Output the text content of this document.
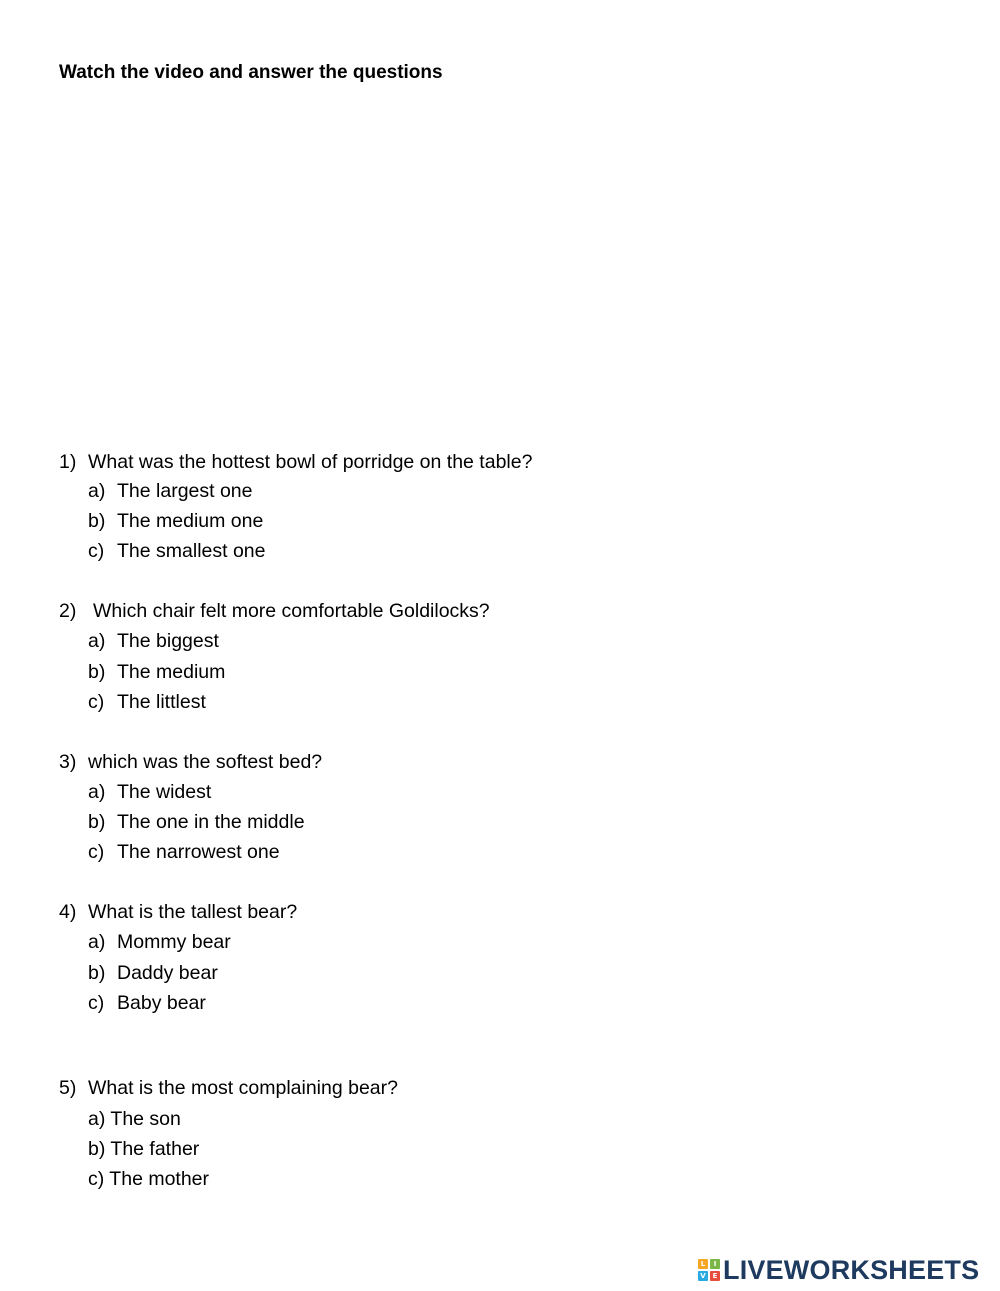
Watch the video and answer the questions
1) What was the hottest bowl of porridge on the table?
a) The largest one
b) The medium one
c) The smallest one
2) Which chair felt more comfortable Goldilocks?
a) The biggest
b) The medium
c) The littlest
3) which was the softest bed?
a) The widest
b) The one in the middle
c) The narrowest one
4) What is the tallest bear?
a) Mommy bear
b) Daddy bear
c) Baby bear
5) What is the most complaining bear?
a) The son
b) The father
c) The mother
L	I
V E LIVEWORKSHEETS
